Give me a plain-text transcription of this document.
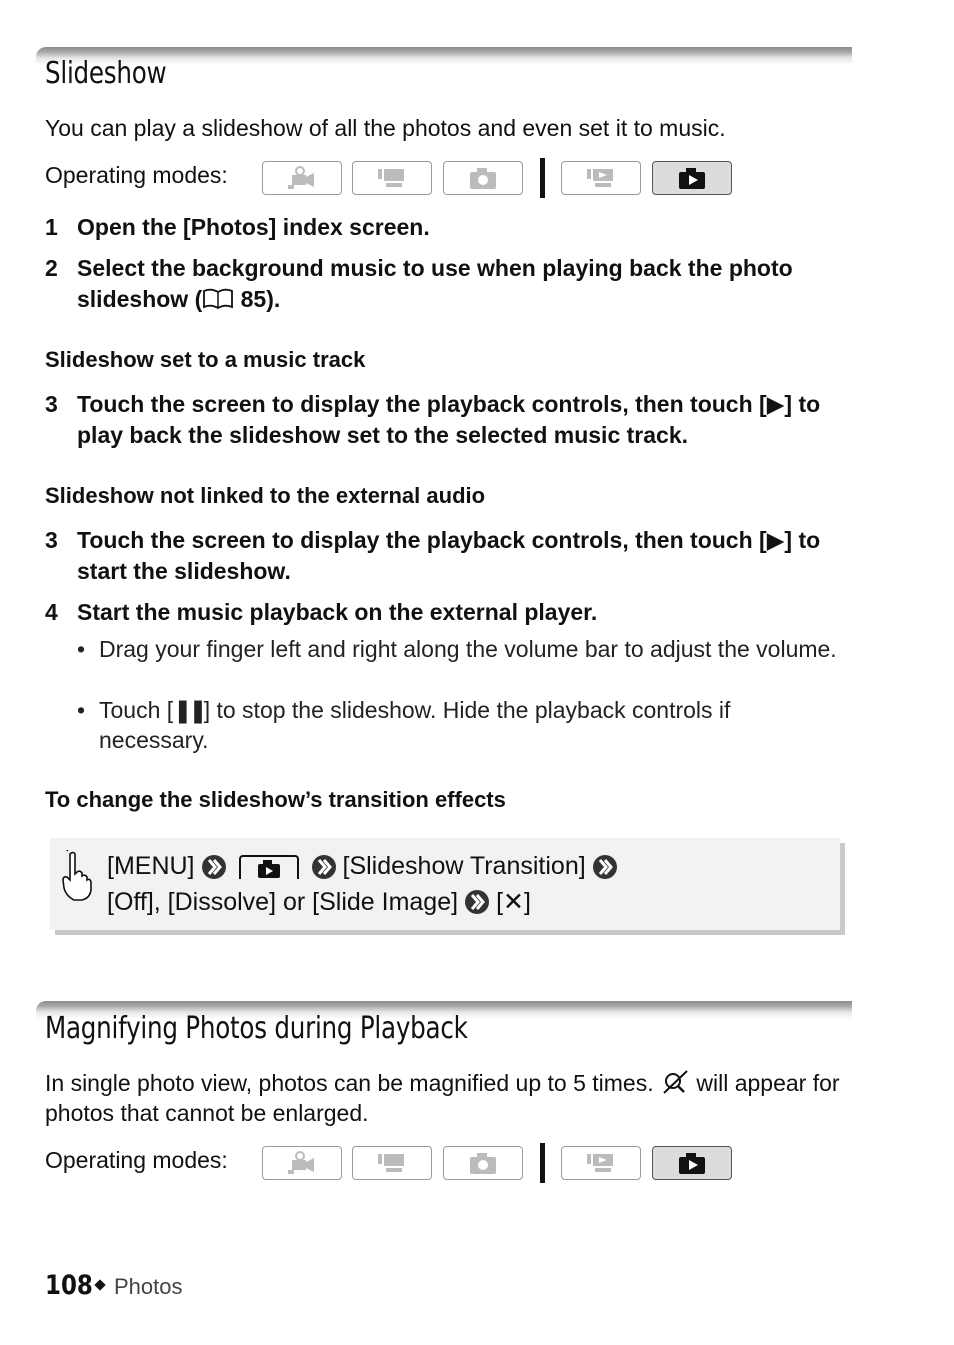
Slideshow
You can play a slideshow of all the photos and even set it to music.
Operating modes:
1 Open the [Photos] index screen.
2 Select the background music to use when playing back the photo slideshow ( 85).
Slideshow set to a music track
3 Touch the screen to display the playback controls, then touch [▶] to play back the slideshow set to the selected music track.
Slideshow not linked to the external audio
3 Touch the screen to display the playback controls, then touch [▶] to start the slideshow.
4 Start the music playback on the external player.
• Drag your finger left and right along the volume bar to adjust the volume.
• Touch [❚❚] to stop the slideshow. Hide the playback controls if necessary.
To change the slideshow’s transition effects
[MENU]	[Slideshow Transition]
[Off], [Dissolve] or [Slide Image] [ ✕ ]
Magnifying Photos during Playback
In single photo view, photos can be magnified up to 5 times.  will appear for photos that cannot be enlarged.
Operating modes:
108 Photos
